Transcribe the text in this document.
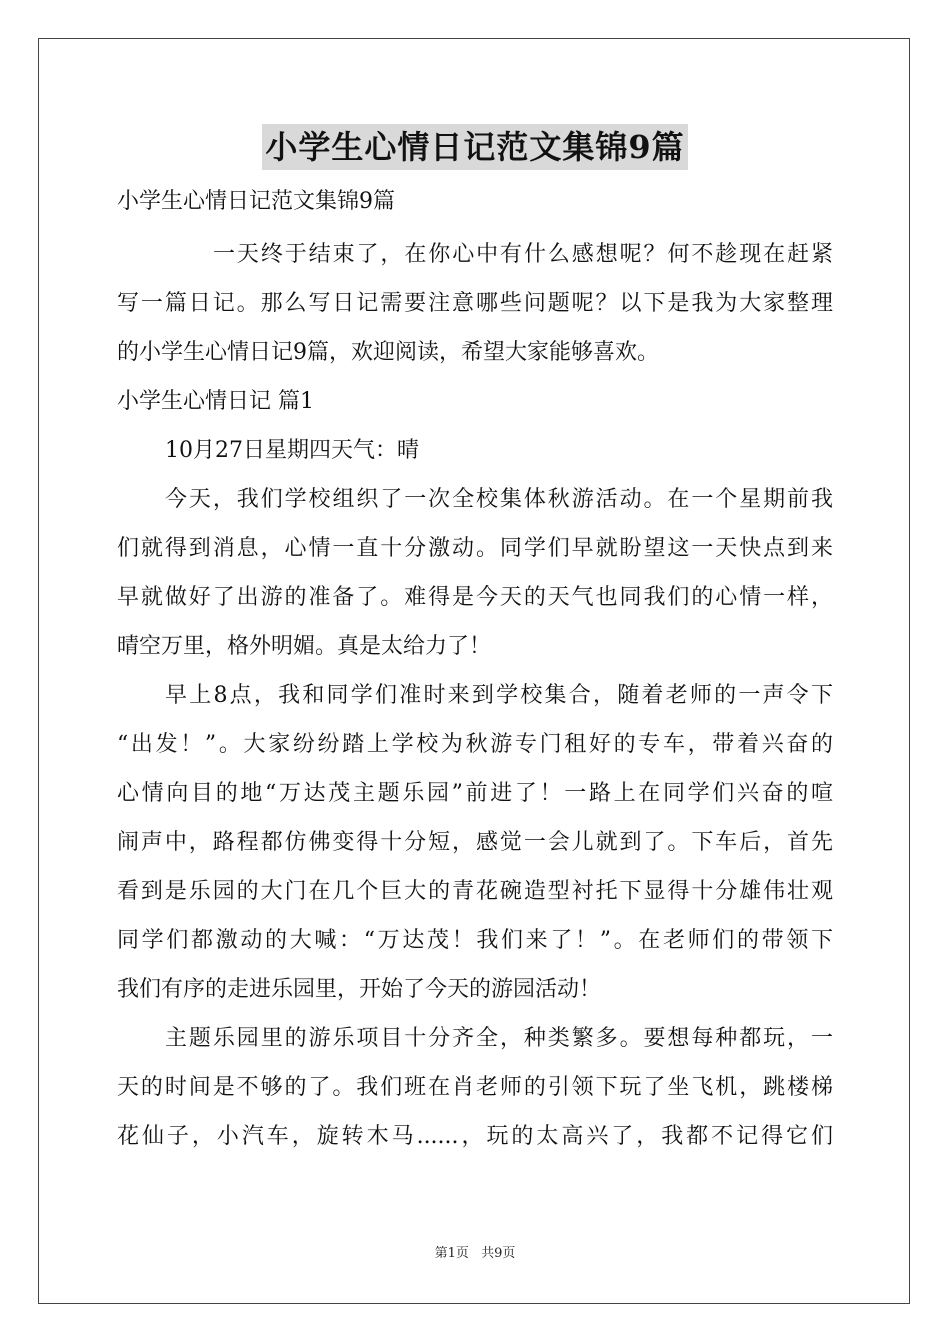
小学生心情日记范文集锦9篇
小学生心情日记范文集锦9篇
一天终于结束了，在你心中有什么感想呢？何不趁现在赶紧
写一篇日记。那么写日记需要注意哪些问题呢？以下是我为大家整理
的小学生心情日记9篇，欢迎阅读，希望大家能够喜欢。
小学生心情日记 篇1
10月27日星期四天气：晴
今天，我们学校组织了一次全校集体秋游活动。在一个星期前我
们就得到消息，心情一直十分激动。同学们早就盼望这一天快点到来
早就做好了出游的准备了。难得是今天的天气也同我们的心情一样，
晴空万里，格外明媚。真是太给力了！
早上8点，我和同学们准时来到学校集合，随着老师的一声令下
“出发！”。大家纷纷踏上学校为秋游专门租好的专车，带着兴奋的
心情向目的地“万达茂主题乐园”前进了！一路上在同学们兴奋的喧
闹声中，路程都仿佛变得十分短，感觉一会儿就到了。下车后，首先
看到是乐园的大门在几个巨大的青花碗造型衬托下显得十分雄伟壮观
同学们都激动的大喊：“万达茂！我们来了！”。在老师们的带领下
我们有序的走进乐园里，开始了今天的游园活动！
主题乐园里的游乐项目十分齐全，种类繁多。要想每种都玩，一
天的时间是不够的了。我们班在肖老师的引领下玩了坐飞机，跳楼梯
花仙子，小汽车，旋转木马......，玩的太高兴了，我都不记得它们
第1页 共9页
